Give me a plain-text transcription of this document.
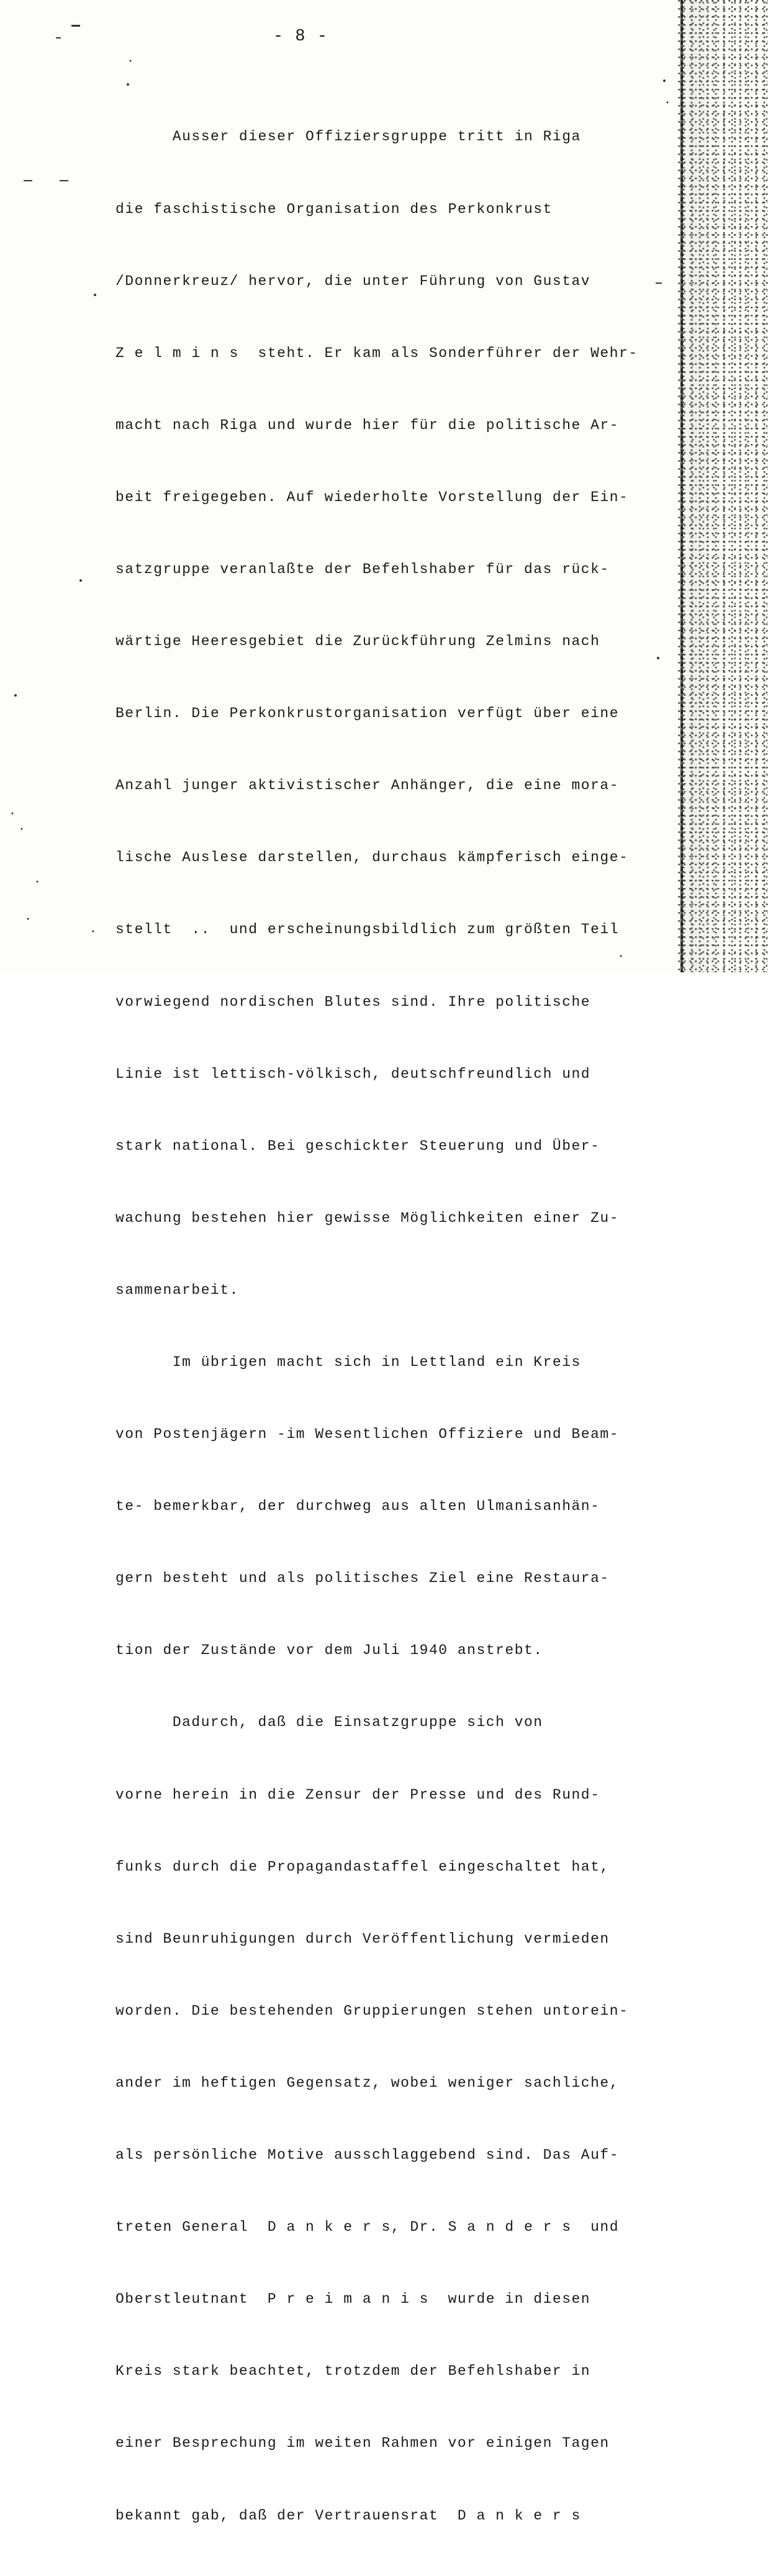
- 8 -

Ausser dieser Offiziersgruppe tritt in Riga

die faschistische Organisation des Perkonkrust

/Donnerkreuz/ hervor, die unter Führung von Gustav

Z e l m i n s  steht. Er kam als Sonderführer der Wehr-

macht nach Riga und wurde hier für die politische Ar-

beit freigegeben. Auf wiederholte Vorstellung der Ein-

satzgruppe veranlaßte der Befehlshaber für das rück-

wärtige Heeresgebiet die Zurückführung Zelmins nach

Berlin. Die Perkonkrustorganisation verfügt über eine

Anzahl junger aktivistischer Anhänger, die eine mora-

lische Auslese darstellen, durchaus kämpferisch einge-

stellt  ..  und erscheinungsbildlich zum größten Teil

vorwiegend nordischen Blutes sind. Ihre politische

Linie ist lettisch-völkisch, deutschfreundlich und

stark national. Bei geschickter Steuerung und Über-

wachung bestehen hier gewisse Möglichkeiten einer Zu-

sammenarbeit.

Im übrigen macht sich in Lettland ein Kreis

von Postenjägern -im Wesentlichen Offiziere und Beam-

te- bemerkbar, der durchweg aus alten Ulmanisanhän-

gern besteht und als politisches Ziel eine Restaura-

tion der Zustände vor dem Juli 1940 anstrebt.

Dadurch, daß die Einsatzgruppe sich von

vorne herein in die Zensur der Presse und des Rund-

funks durch die Propagandastaffel eingeschaltet hat,

sind Beunruhigungen durch Veröffentlichung vermieden

worden. Die bestehenden Gruppierungen stehen untorein-

ander im heftigen Gegensatz, wobei weniger sachliche,

als persönliche Motive ausschlaggebend sind. Das Auf-

treten General  D a n k e r s, Dr. S a n d e r s  und

Oberstleutnant  P r e i m a n i s  wurde in diesen

Kreis stark beachtet, trotzdem der Befehlshaber in

einer Besprechung im weiten Rahmen vor einigen Tagen

bekannt gab, daß der Vertrauensrat  D a n k e r s
